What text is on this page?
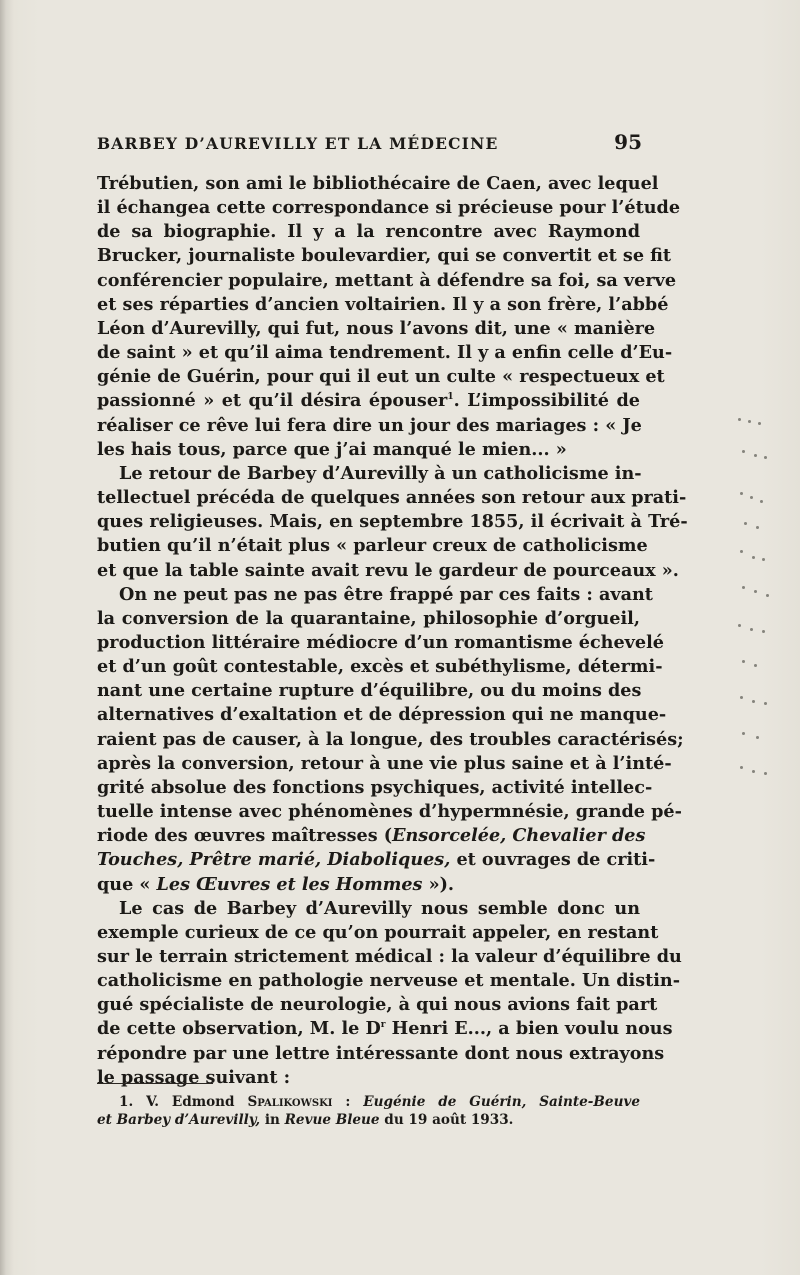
BARBEY D’AUREVILLY ET LA MÉDECINE	95
Trébutien, son ami le bibliothécaire de Caen, avec lequel
il échangea cette correspondance si précieuse pour l’étude
de sa biographie. Il y a la rencontre avec Raymond
Brucker, journaliste boulevardier, qui se convertit et se fit
conférencier populaire, mettant à défendre sa foi, sa verve
et ses réparties d’ancien voltairien. Il y a son frère, l’abbé
Léon d’Aurevilly, qui fut, nous l’avons dit, une « manière
de saint » et qu’il aima tendrement. Il y a enfin celle d’Eu-
génie de Guérin, pour qui il eut un culte « respectueux et
passionné » et qu’il désira épouser$^1$. L’impossibilité de
réaliser ce rêve lui fera dire un jour des mariages : « Je
les hais tous, parce que j’ai manqué le mien... »
Le retour de Barbey d’Aurevilly à un catholicisme in-
tellectuel précéda de quelques années son retour aux prati-
ques religieuses. Mais, en septembre 1855, il écrivait à Tré-
butien qu’il n’était plus « parleur creux de catholicisme
et que la table sainte avait revu le gardeur de pourceaux ».
On ne peut pas ne pas être frappé par ces faits : avant
la conversion de la quarantaine, philosophie d’orgueil,
production littéraire médiocre d’un romantisme échevelé
et d’un goût contestable, excès et subéthylisme, détermi-
nant une certaine rupture d’équilibre, ou du moins des
alternatives d’exaltation et de dépression qui ne manque-
raient pas de causer, à la longue, des troubles caractérisés;
après la conversion, retour à une vie plus saine et à l’inté-
grité absolue des fonctions psychiques, activité intellec-
tuelle intense avec phénomènes d’hypermnésie, grande pé-
riode des œuvres maîtresses (Ensorcelée, Chevalier des
Touches, Prêtre marié, Diaboliques, et ouvrages de criti-
que « Les Œuvres et les Hommes »).
Le cas de Barbey d’Aurevilly nous semble donc un
exemple curieux de ce qu’on pourrait appeler, en restant
sur le terrain strictement médical : la valeur d’équilibre du
catholicisme en pathologie nerveuse et mentale. Un distin-
gué spécialiste de neurologie, à qui nous avions fait part
de cette observation, M. le $D^r$ Henri E..., a bien voulu nous
répondre par une lettre intéressante dont nous extrayons
le passage suivant :
1. V. Edmond Spalikowski : Eugénie de Guérin, Sainte-Beuve
et Barbey d’Aurevilly, in Revue Bleue du 19 août 1933.
